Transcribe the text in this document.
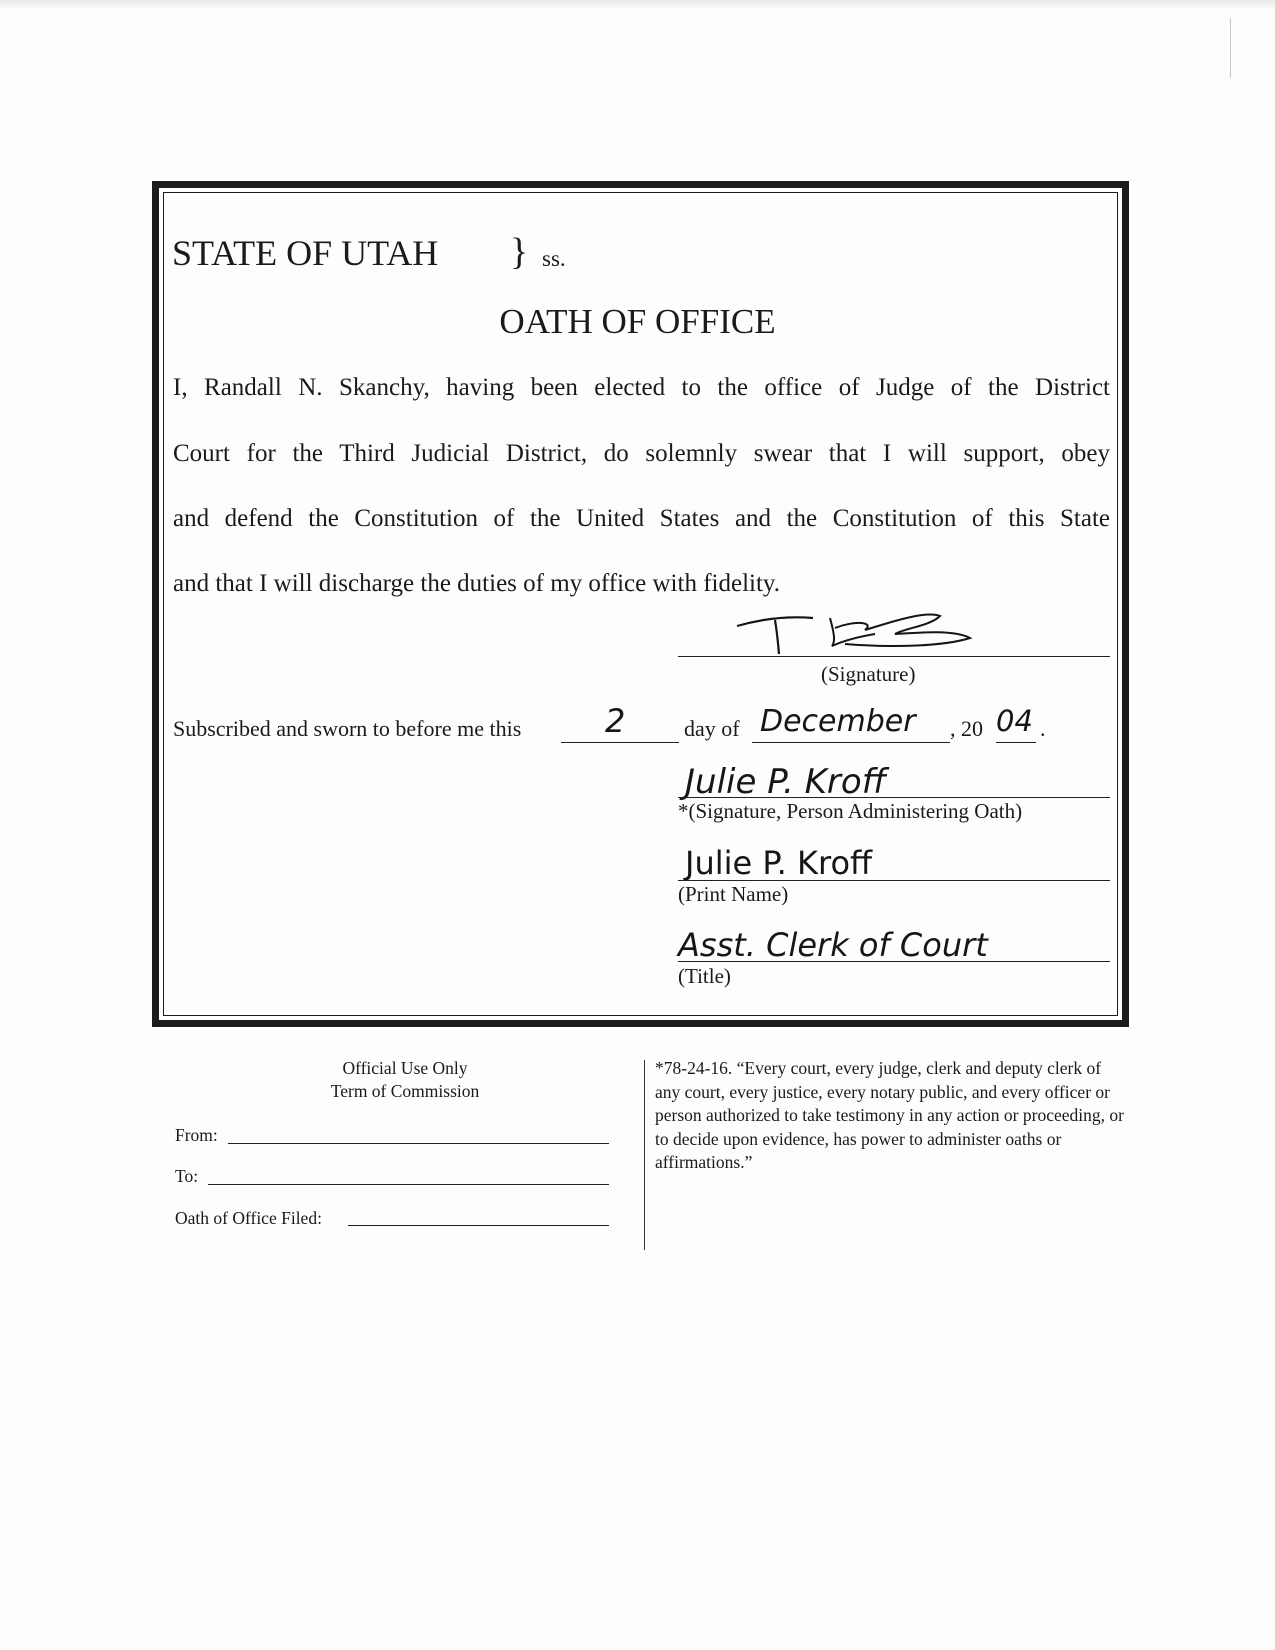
STATE OF UTAH } ss.
OATH OF OFFICE
I, Randall N. Skanchy, having been elected to the office of Judge of the District
Court for the Third Judicial District, do solemnly swear that I will support, obey
and defend the Constitution of the United States and the Constitution of this State
and that I will discharge the duties of my office with fidelity.
(Signature)
Subscribed and sworn to before me this	2	day of December , 20 04 .
Julie P. Kroff
*(Signature, Person Administering Oath)
Julie P. Kroff
(Print Name)
Asst. Clerk of Court
(Title)
Official Use Only
Term of Commission
From:
To:
Oath of Office Filed:
*78-24-16. “Every court, every judge, clerk and deputy clerk of any court, every justice, every notary public, and every officer or person authorized to take testimony in any action or proceeding, or to decide upon evidence, has power to administer oaths or affirmations.”
